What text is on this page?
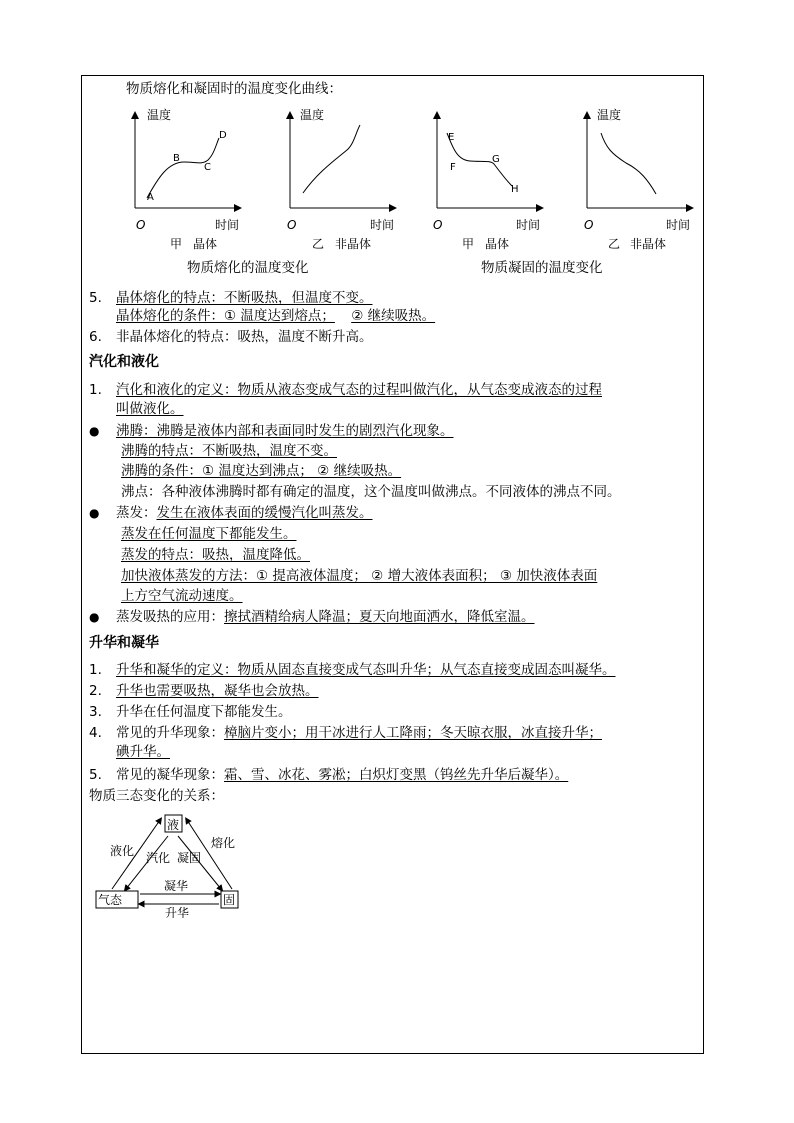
物质熔化和凝固时的温度变化曲线：
温度
O	时间
A
B
C
D
温度
O	时间
E
F
G
H
O	时间
温度
O	时间
甲 晶体	乙 非晶体	甲 晶体	乙 非晶体
物质熔化的温度变化	物质凝固的温度变化
5. 晶体熔化的特点：不断吸热，但温度不变。
晶体熔化的条件：① 温度达到熔点； ② 继续吸热。
6. 非晶体熔化的特点：吸热，温度不断升高。
汽化和液化
1. 汽化和液化的定义：物质从液态变成气态的过程叫做汽化，从气态变成液态的过程
叫做液化。
● 沸腾：沸腾是液体内部和表面同时发生的剧烈汽化现象。
沸腾的特点：不断吸热，温度不变。
沸腾的条件：① 温度达到沸点； ② 继续吸热。
沸点：各种液体沸腾时都有确定的温度，这个温度叫做沸点。不同液体的沸点不同。
● 蒸发：发生在液体表面的缓慢汽化叫蒸发。
蒸发在任何温度下都能发生。
蒸发的特点：吸热，温度降低。
加快液体蒸发的方法：① 提高液体温度； ② 增大液体表面积； ③ 加快液体表面
上方空气流动速度。
● 蒸发吸热的应用：擦拭酒精给病人降温；夏天向地面洒水，降低室温。
升华和凝华
1. 升华和凝华的定义：物质从固态直接变成气态叫升华；从气态直接变成固态叫凝华。
2. 升华也需要吸热，凝华也会放热。
3. 升华在任何温度下都能发生。
4. 常见的升华现象：樟脑片变小；用干冰进行人工降雨；冬天晾衣服，冰直接升华；
碘升华。
5. 常见的凝华现象：霜、雪、冰花、雾凇；白炽灯变黑（钨丝先升华后凝华）。
物质三态变化的关系：
液
气态	固
液化 汽化 凝固
熔化
凝华
升华
